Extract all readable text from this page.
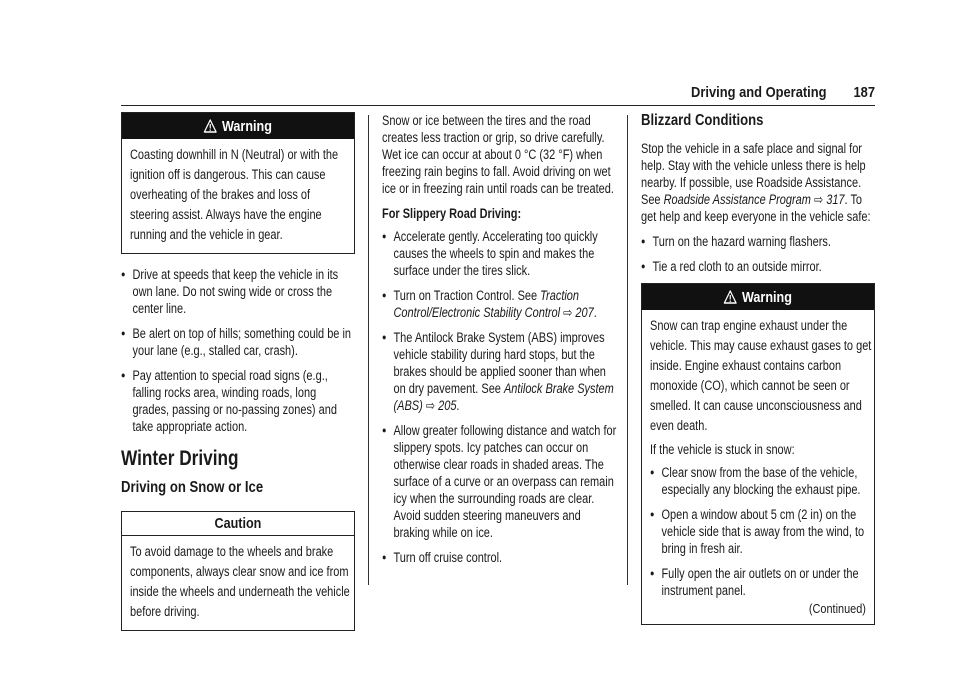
Driving and Operating 187
Warning
Coasting downhill in N (Neutral) or with the ignition off is dangerous. This can cause overheating of the brakes and loss of steering assist. Always have the engine running and the vehicle in gear.
● Drive at speeds that keep the vehicle in its own lane. Do not swing wide or cross the center line.
● Be alert on top of hills; something could be in your lane (e.g., stalled car, crash).
● Pay attention to special road signs (e.g., falling rocks area, winding roads, long grades, passing or no-passing zones) and take appropriate action.
Winter Driving
Driving on Snow or Ice
Caution
To avoid damage to the wheels and brake components, always clear snow and ice from inside the wheels and underneath the vehicle before driving.

Snow or ice between the tires and the road creates less traction or grip, so drive carefully. Wet ice can occur at about 0 °C (32 °F) when freezing rain begins to fall. Avoid driving on wet ice or in freezing rain until roads can be treated.

For Slippery Road Driving:
● Accelerate gently. Accelerating too quickly causes the wheels to spin and makes the surface under the tires slick.
● Turn on Traction Control. See Traction Control/Electronic Stability Control ⇨ 207.
● The Antilock Brake System (ABS) improves vehicle stability during hard stops, but the brakes should be applied sooner than when on dry pavement. See Antilock Brake System (ABS) ⇨ 205.
● Allow greater following distance and watch for slippery spots. Icy patches can occur on otherwise clear roads in shaded areas. The surface of a curve or an overpass can remain icy when the surrounding roads are clear. Avoid sudden steering maneuvers and braking while on ice.
● Turn off cruise control.
Blizzard Conditions

Stop the vehicle in a safe place and signal for help. Stay with the vehicle unless there is help nearby. If possible, use Roadside Assistance. See Roadside Assistance Program ⇨ 317. To get help and keep everyone in the vehicle safe:

● Turn on the hazard warning flashers.
● Tie a red cloth to an outside mirror.
Warning

Snow can trap engine exhaust under the vehicle. This may cause exhaust gases to get inside. Engine exhaust contains carbon monoxide (CO), which cannot be seen or smelled. It can cause unconsciousness and even death.

If the vehicle is stuck in snow:

● Clear snow from the base of the vehicle, especially any blocking the exhaust pipe.
● Open a window about 5 cm (2 in) on the vehicle side that is away from the wind, to bring in fresh air.
● Fully open the air outlets on or under the instrument panel.
(Continued)
